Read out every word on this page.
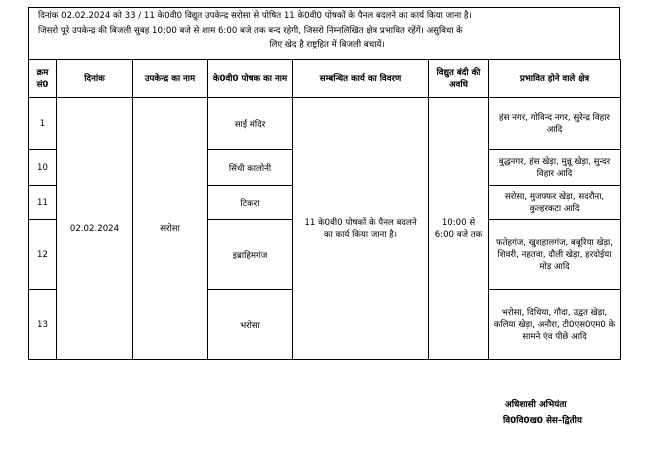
दिनांक 02.02.2024 को 33 / 11 के0वी0 विद्युत उपकेन्द्र सरोसा से पोषित 11 के0वी0 पोषकों के पैनल बदलने का कार्य किया जाना है।
जिसरो पूरे उपकेन्द्र की बिजली सुबह 10:00 बजे से शाम 6:00 बजे तक बन्द रहेगी, जिसरो निम्नलिखित क्षेत्र प्रभावित रहेंगें। असुविधा के
लिए खेद है राष्ट्रहित में बिजली बचायें।
क्रम सं0	दिनांक	उपकेन्द्र का नाम	के0वी0 पोषक का नाम	सम्बन्धित कार्य का विवरण	विद्युत बंदी की अवधि	प्रभावित होने वाले क्षेत्र
1	02.02.2024	सरोसा	साईं मंदिर	11 के0वी0 पोषकों के पैनल बदलने का कार्य किया जाना है।	10:00 से 6:00 बजे तक	हंस नगर, गोविन्द नगर, सुरेन्द्र विहार आदि
10			सिंधी कालोनी			बुद्धनगर, हंस खेड़ा, मुन्नू खेड़ा, सुन्दर विहार आदि
11			टिकरा			सरोसा, मुजफ्फर खेड़ा, सदरौना, कुल्हरकटा आदि
12			इब्राहिमगंज			फतेहगंज, खुशहालगंज, बबूरिया खेड़ा, शिवरी, नहतवा, दौली खेड़ा, हरदोईया मोड़ आदि
13			भरोसा			भरोसा, दिधिया, गौदा, उद्वत खेड़ा, कलिया खेड़ा, अनौरा, टी0एस0एम0 के सामने एंव पीछे आदि
अधिशासी अभियंता
वि0वि0ख0 सेस–द्वितीय
